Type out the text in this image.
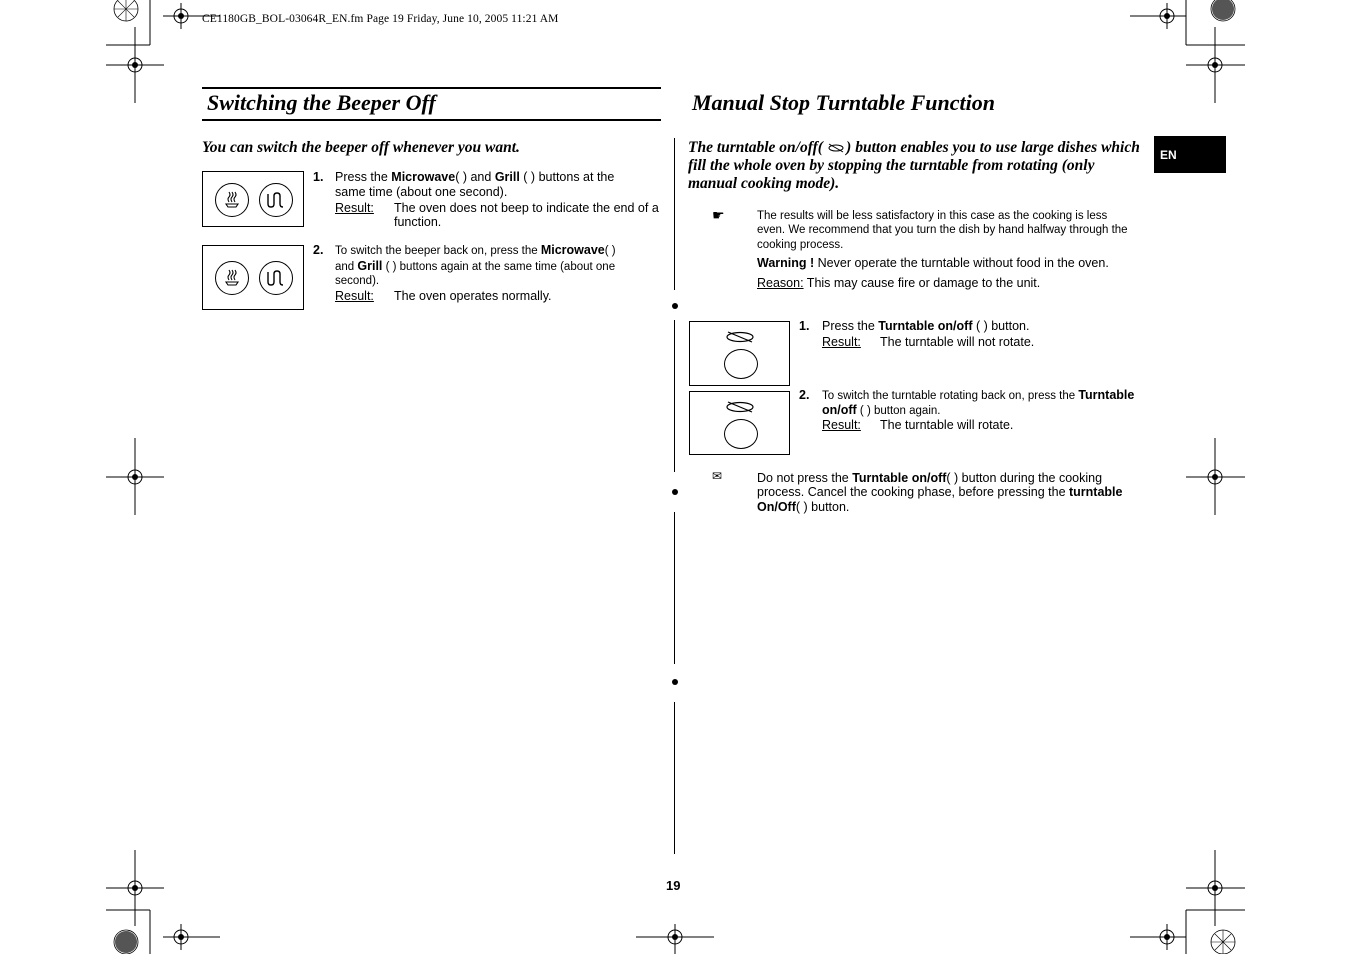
CE1180GB_BOL-03064R_EN.fm Page 19 Friday, June 10, 2005 11:21 AM
Switching the Beeper Off
You can switch the beeper off whenever you want.
1. Press the Microwave( ) and Grill ( ) buttons at the
same time (about one second).
Result: The oven does not beep to indicate the end of a
function.
2. To switch the beeper back on, press the Microwave( )
and Grill ( ) buttons again at the same time (about one
second).
Result: The oven operates normally.
Manual Stop Turntable Function
The turntable on/off(      ) button enables you to use large dishes which
fill the whole oven by stopping the turntable from rotating (only
manual cooking mode).
EN
☛	The results will be less satisfactory in this case as the cooking is less
even. We recommend that you turn the dish by hand halfway through the
cooking process.
Warning ! Never operate the turntable without food in the oven.
Reason: This may cause fire or damage to the unit.
1. Press the Turntable on/off ( ) button.
Result: The turntable will not rotate.
2. To switch the turntable rotating back on, press the Turntable
on/off ( ) button again.
Result: The turntable will rotate.
✉	Do not press the Turntable on/off( ) button during the cooking
process. Cancel the cooking phase, before pressing the turntable
On/Off( ) button.
19
